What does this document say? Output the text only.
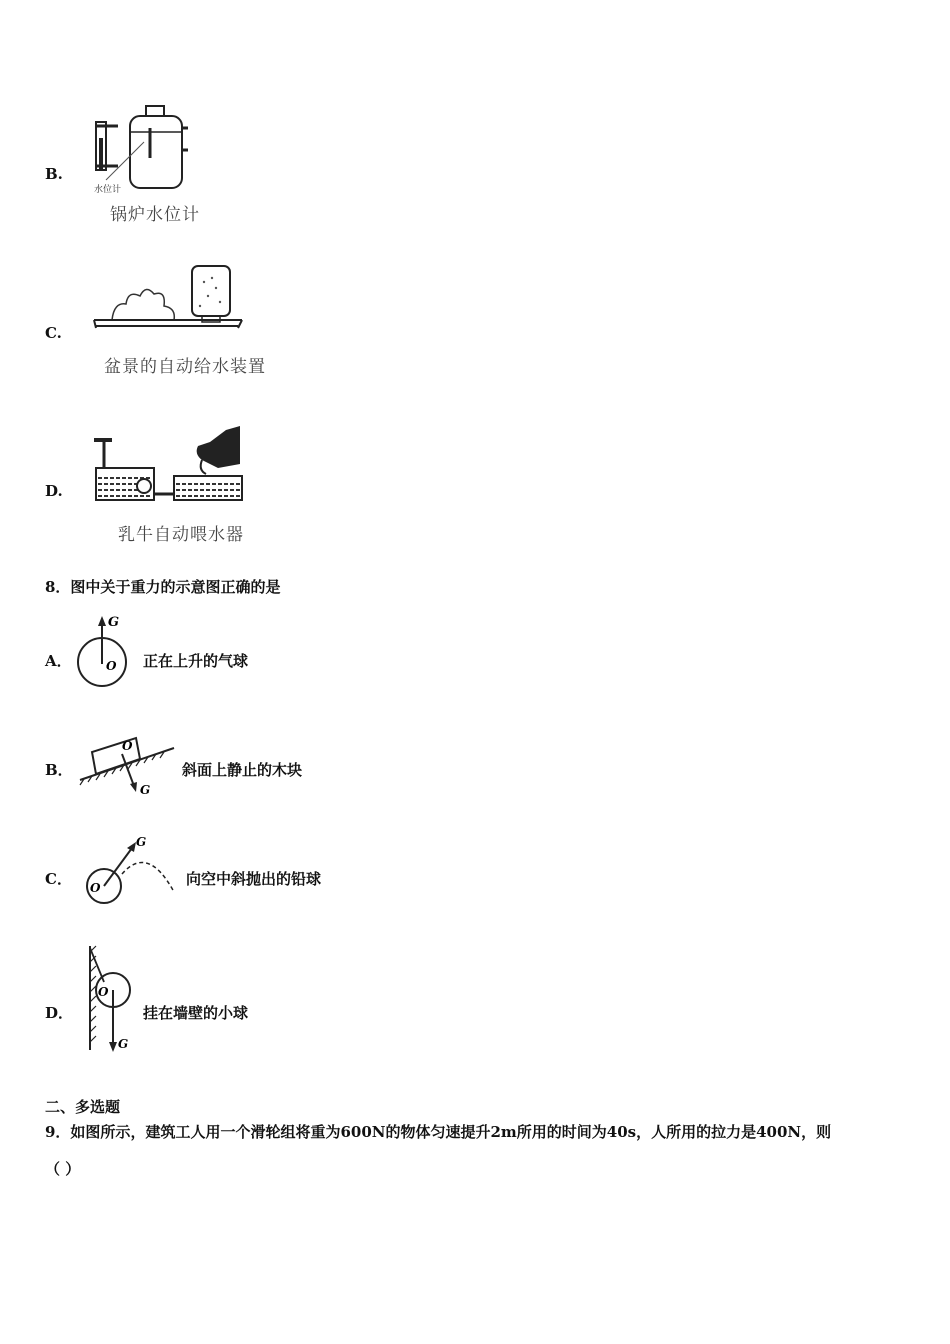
B.
水位计
锅炉水位计
C.
盆景的自动给水装置
D.
乳牛自动喂水器
8．图中关于重力的示意图正确的是
A．
G
O 正在上升的气球
B．
O
G
斜面上静止的木块
C． O
G
向空中斜抛出的铅球
D．
O
G
挂在墙壁的小球
二、多选题
9．如图所示，建筑工人用一个滑轮组将重为600N的物体匀速提升2m所用的时间为40s，人所用的拉力是400N，则
（ ）
